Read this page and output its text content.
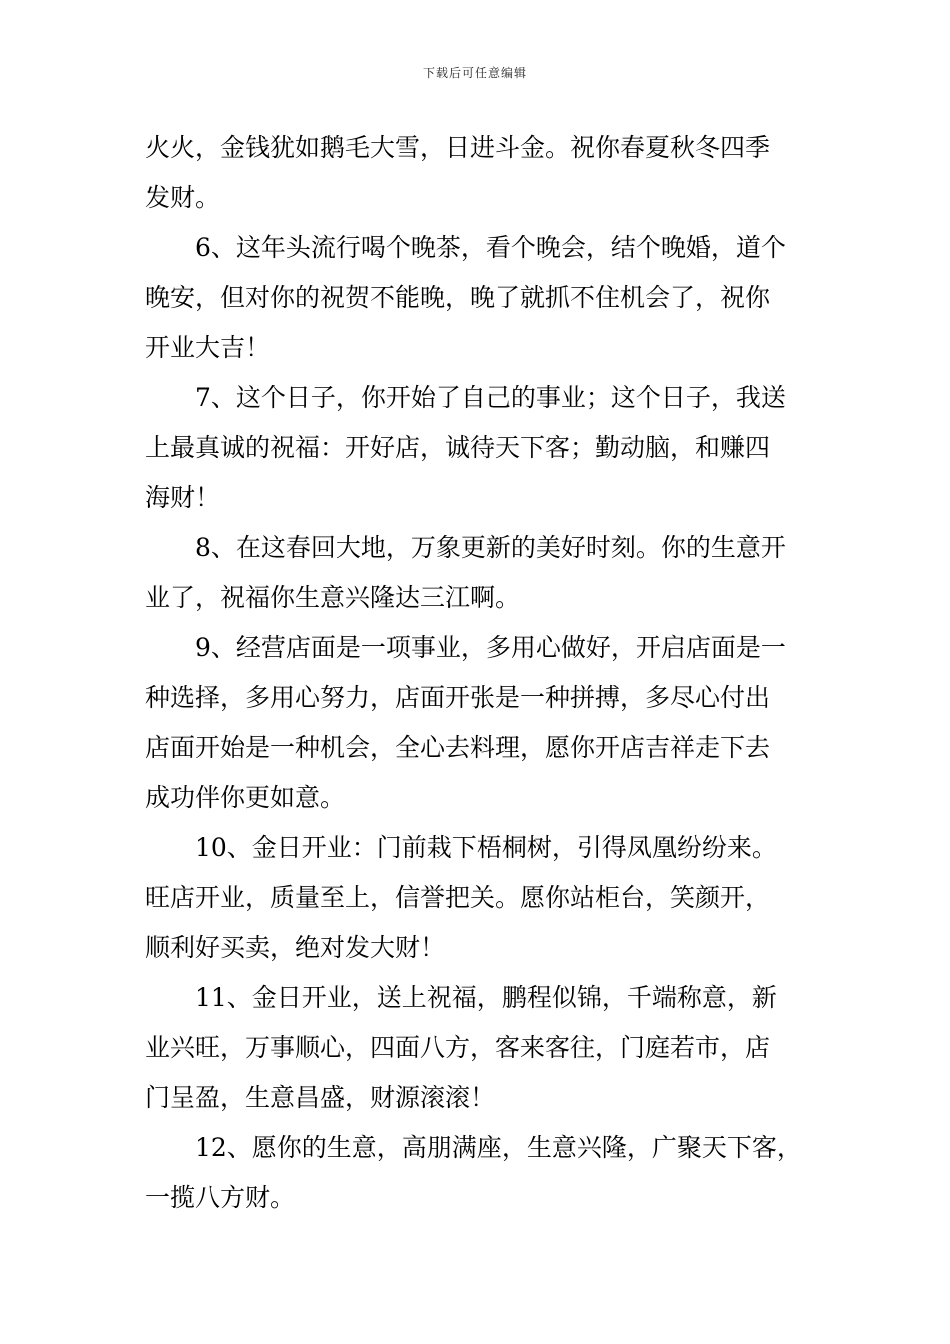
下载后可任意编辑
火火，金钱犹如鹅毛大雪，日进斗金。祝你春夏秋冬四季
发财。
6、这年头流行喝个晚茶，看个晚会，结个晚婚，道个
晚安，但对你的祝贺不能晚，晚了就抓不住机会了，祝你
开业大吉！
7、这个日子，你开始了自己的事业；这个日子，我送
上最真诚的祝福：开好店，诚待天下客；勤动脑，和赚四
海财！
8、在这春回大地，万象更新的美好时刻。你的生意开
业了，祝福你生意兴隆达三江啊。
9、经营店面是一项事业，多用心做好，开启店面是一
种选择，多用心努力，店面开张是一种拼搏，多尽心付出
店面开始是一种机会，全心去料理，愿你开店吉祥走下去
成功伴你更如意。
10、金日开业：门前栽下梧桐树，引得凤凰纷纷来。
旺店开业，质量至上，信誉把关。愿你站柜台，笑颜开，
顺利好买卖，绝对发大财！
11、金日开业，送上祝福，鹏程似锦，千端称意，新
业兴旺，万事顺心，四面八方，客来客往，门庭若市，店
门呈盈，生意昌盛，财源滚滚！
12、愿你的生意，高朋满座，生意兴隆，广聚天下客，
一揽八方财。
